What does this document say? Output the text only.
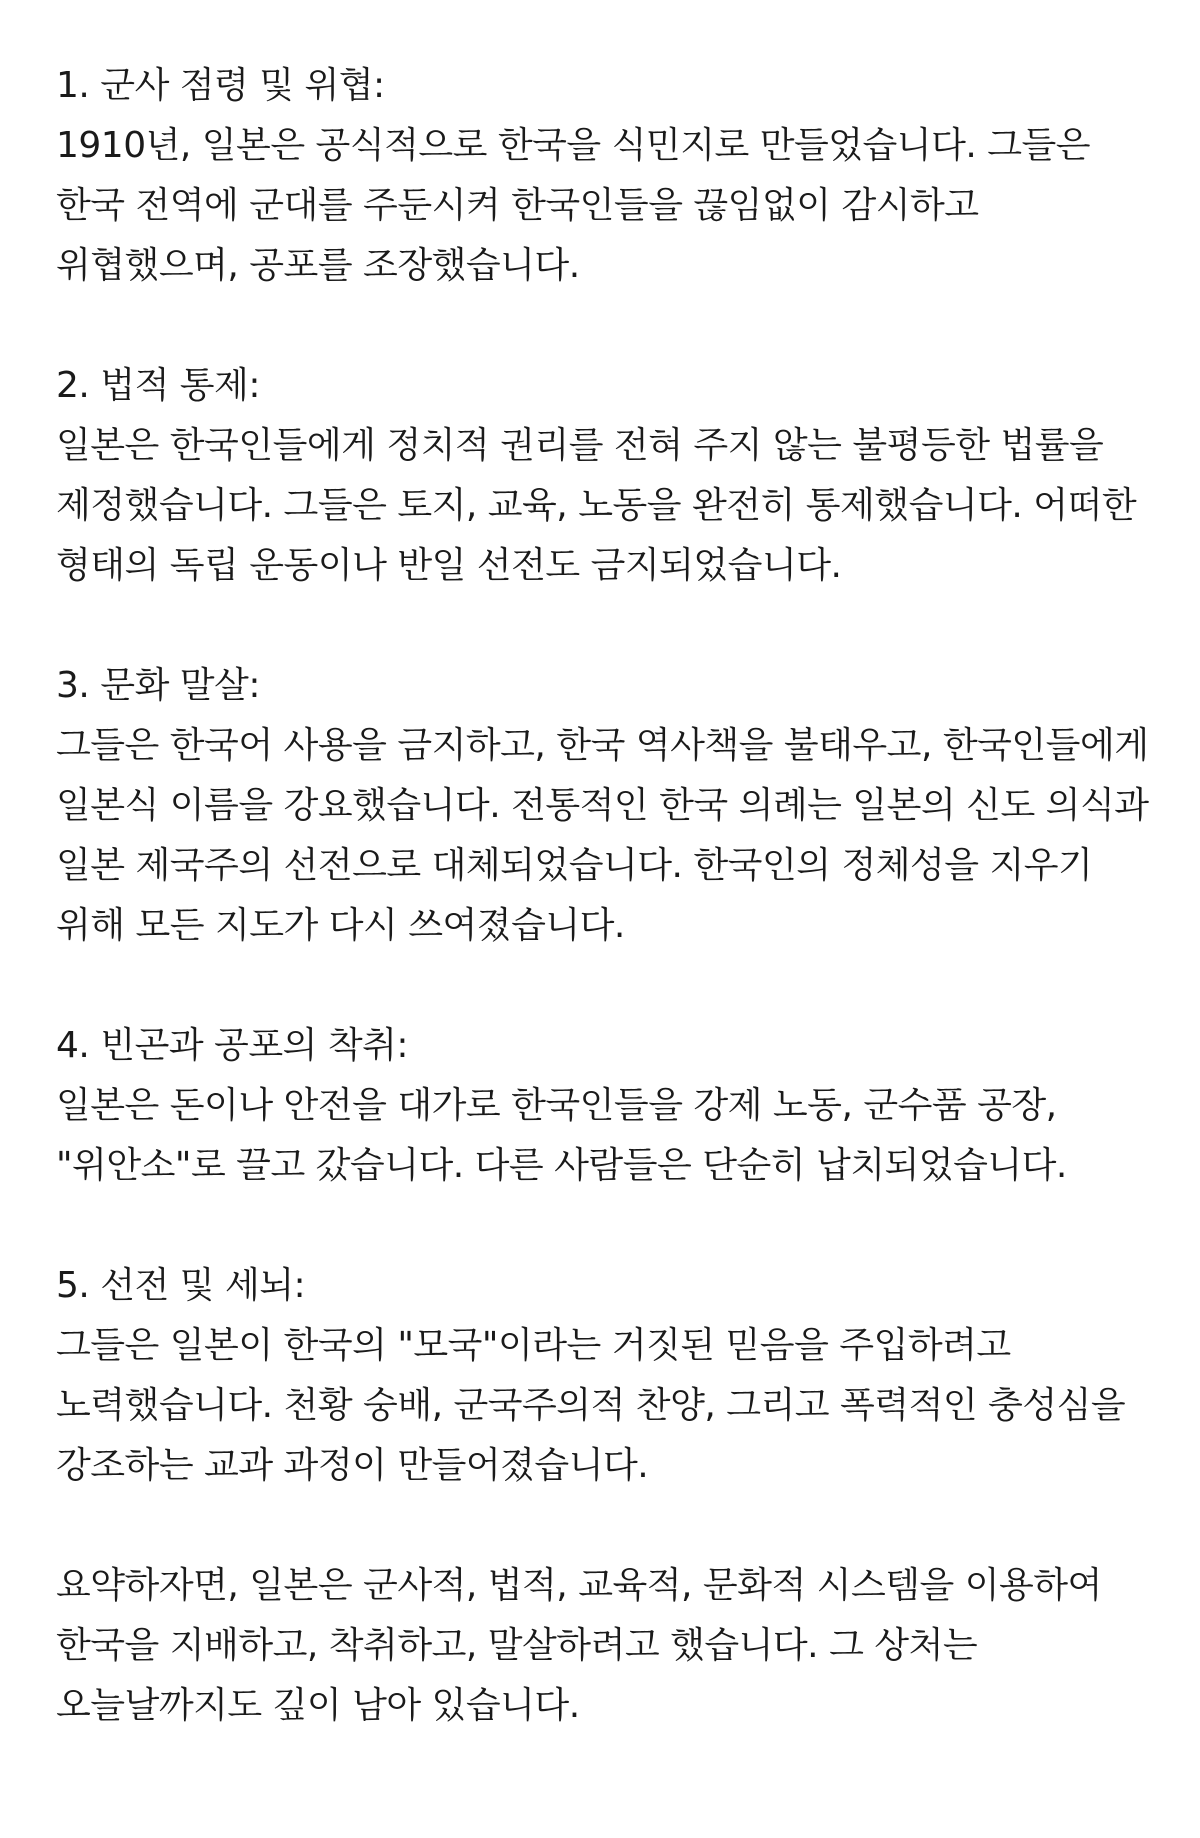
1. 군사 점령 및 위협:

1910년, 일본은 공식적으로 한국을 식민지로 만들었습니다. 그들은

한국 전역에 군대를 주둔시켜 한국인들을 끊임없이 감시하고

위협했으며, 공포를 조장했습니다.

2. 법적 통제:

일본은 한국인들에게 정치적 권리를 전혀 주지 않는 불평등한 법률을

제정했습니다. 그들은 토지, 교육, 노동을 완전히 통제했습니다. 어떠한

형태의 독립 운동이나 반일 선전도 금지되었습니다.

3. 문화 말살:

그들은 한국어 사용을 금지하고, 한국 역사책을 불태우고, 한국인들에게

일본식 이름을 강요했습니다. 전통적인 한국 의례는 일본의 신도 의식과

일본 제국주의 선전으로 대체되었습니다. 한국인의 정체성을 지우기

위해 모든 지도가 다시 쓰여졌습니다.

4. 빈곤과 공포의 착취:

일본은 돈이나 안전을 대가로 한국인들을 강제 노동, 군수품 공장,

"위안소"로 끌고 갔습니다. 다른 사람들은 단순히 납치되었습니다.

5. 선전 및 세뇌:

그들은 일본이 한국의 "모국"이라는 거짓된 믿음을 주입하려고

노력했습니다. 천황 숭배, 군국주의적 찬양, 그리고 폭력적인 충성심을

강조하는 교과 과정이 만들어졌습니다.

요약하자면, 일본은 군사적, 법적, 교육적, 문화적 시스템을 이용하여

한국을 지배하고, 착취하고, 말살하려고 했습니다. 그 상처는

오늘날까지도 깊이 남아 있습니다.
